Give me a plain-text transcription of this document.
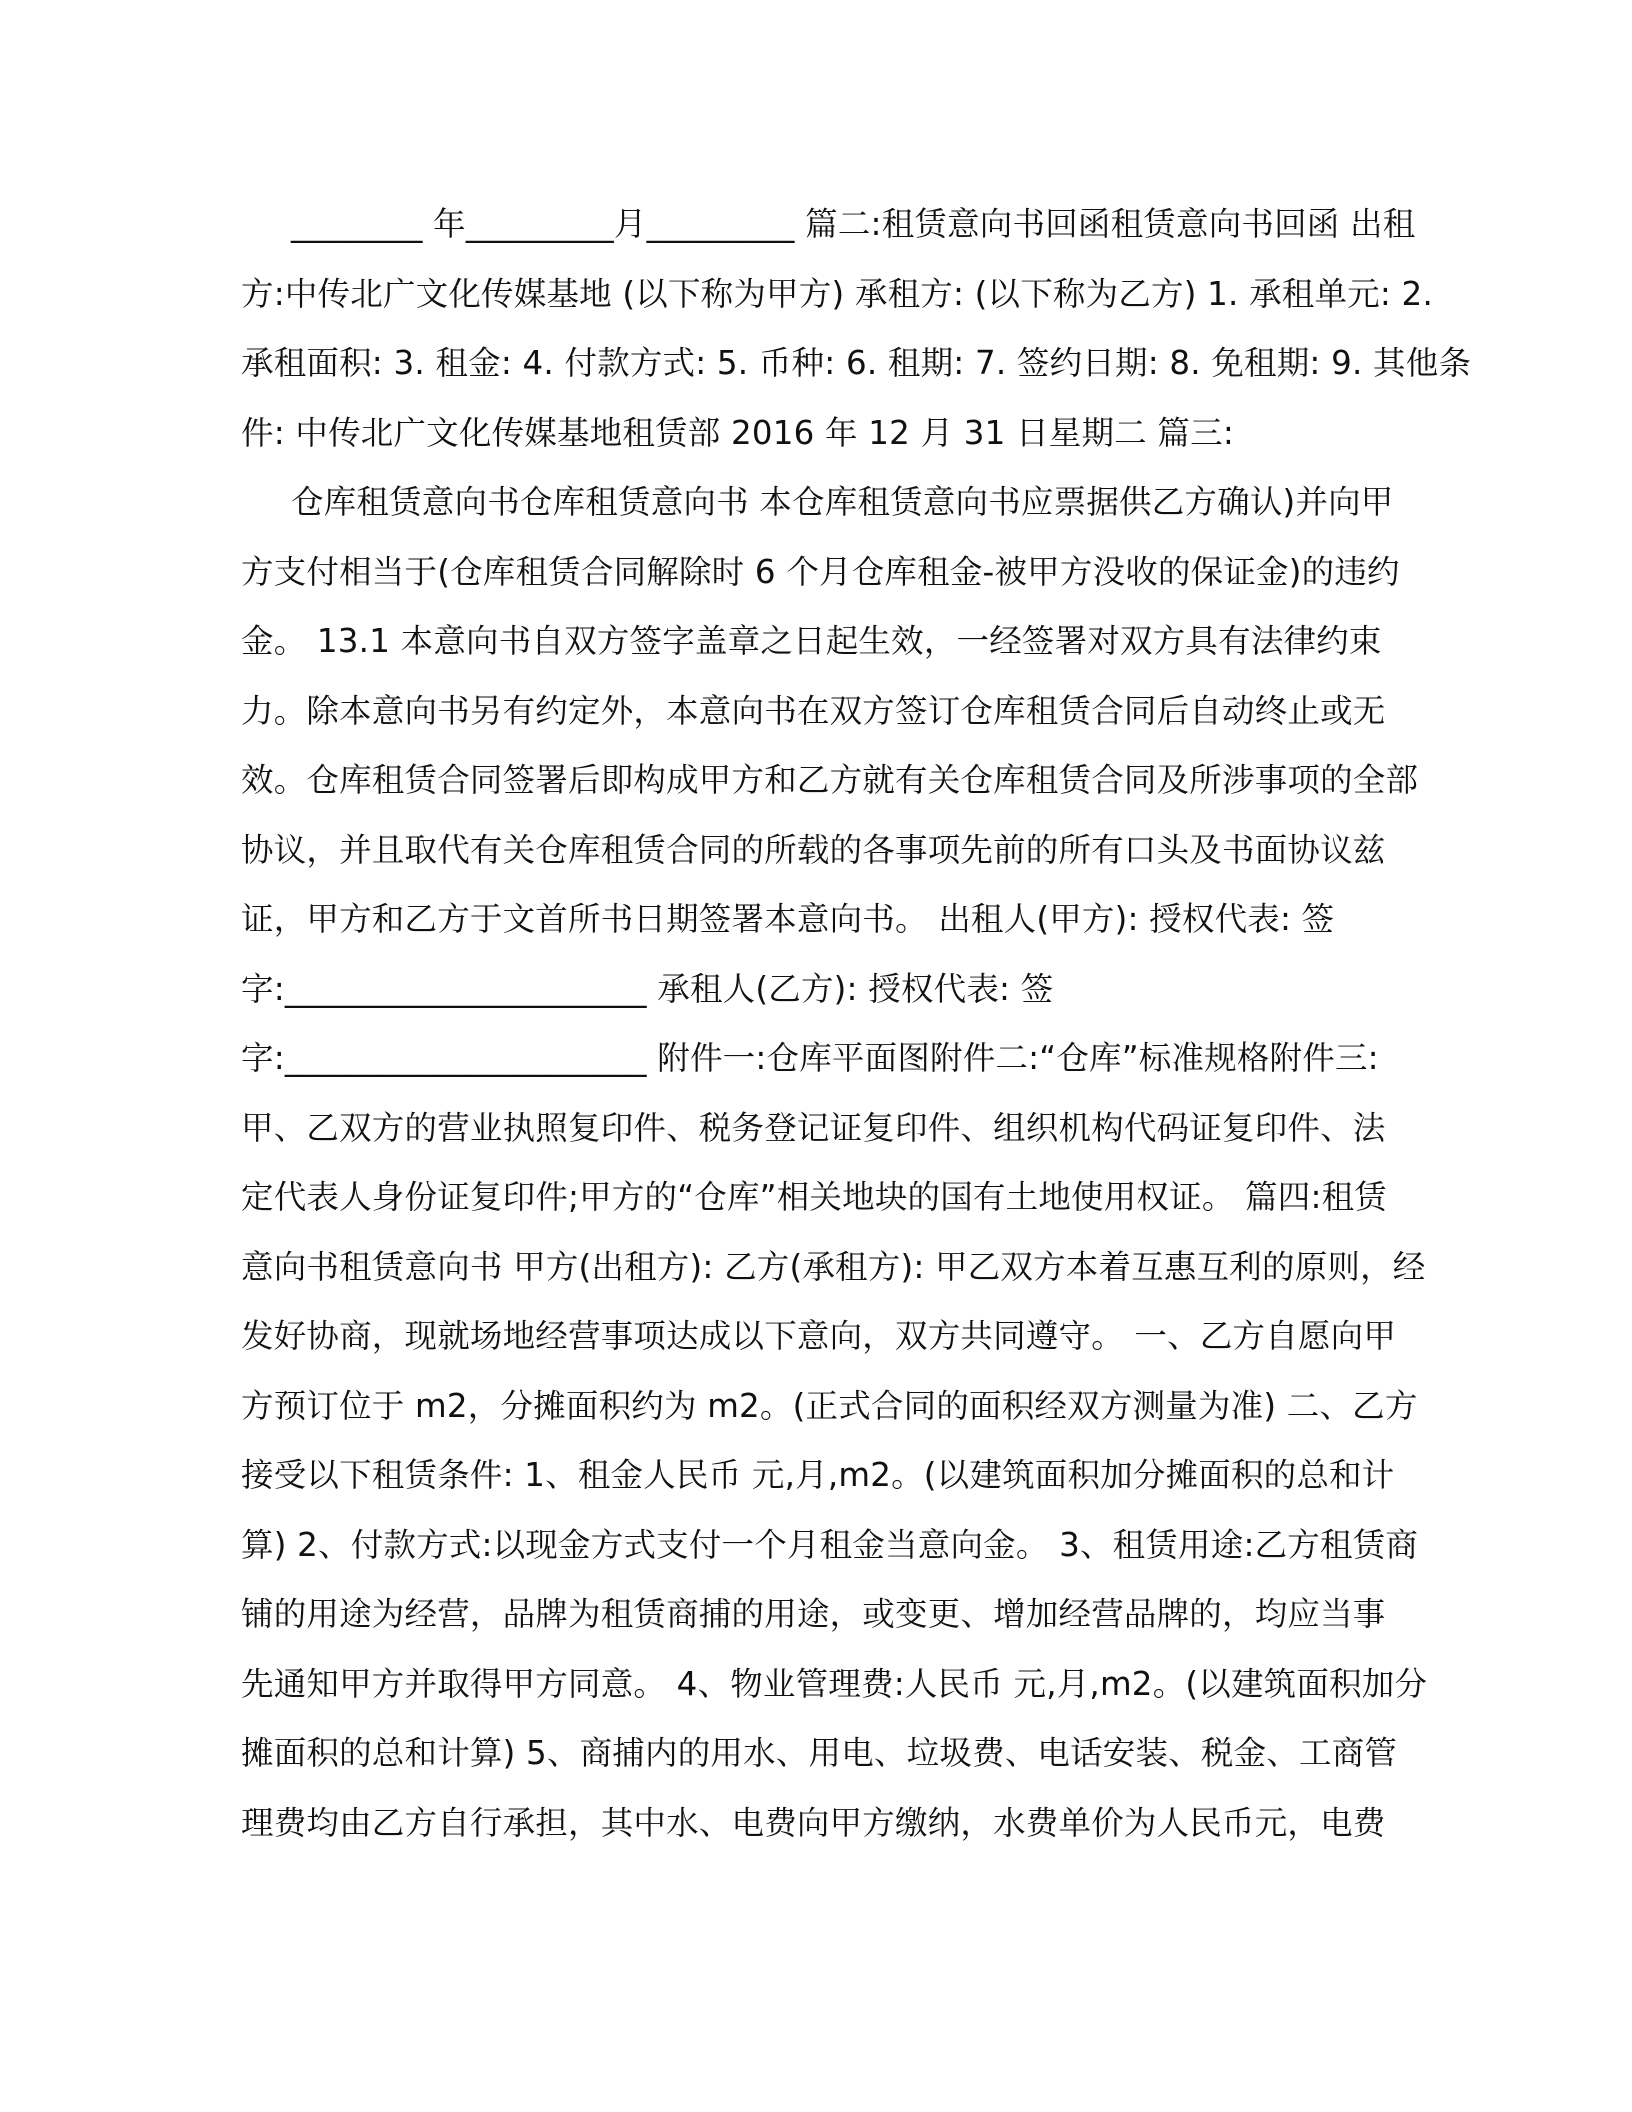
________ 年_________月_________ 篇二:租赁意向书回函租赁意向书回函 出租
方:中传北广文化传媒基地 (以下称为甲方) 承租方: (以下称为乙方) 1. 承租单元: 2.
承租面积: 3. 租金: 4. 付款方式: 5. 币种: 6. 租期: 7. 签约日期: 8. 免租期: 9. 其他条
件: 中传北广文化传媒基地租赁部 2016 年 12 月 31 日星期二 篇三:
仓库租赁意向书仓库租赁意向书 本仓库租赁意向书应票据供乙方确认)并向甲
方支付相当于(仓库租赁合同解除时 6 个月仓库租金-被甲方没收的保证金)的违约
金。 13.1 本意向书自双方签字盖章之日起生效，一经签署对双方具有法律约束
力。除本意向书另有约定外，本意向书在双方签订仓库租赁合同后自动终止或无
效。仓库租赁合同签署后即构成甲方和乙方就有关仓库租赁合同及所涉事项的全部
协议，并且取代有关仓库租赁合同的所载的各事项先前的所有口头及书面协议兹
证，甲方和乙方于文首所书日期签署本意向书。 出租人(甲方): 授权代表: 签
字:______________________ 承租人(乙方): 授权代表: 签
字:______________________ 附件一:仓库平面图附件二:“仓库”标准规格附件三:
甲、乙双方的营业执照复印件、税务登记证复印件、组织机构代码证复印件、法
定代表人身份证复印件;甲方的“仓库”相关地块的国有土地使用权证。 篇四:租赁
意向书租赁意向书 甲方(出租方): 乙方(承租方): 甲乙双方本着互惠互利的原则，经
发好协商，现就场地经营事项达成以下意向，双方共同遵守。 一、乙方自愿向甲
方预订位于 m2，分摊面积约为 m2。(正式合同的面积经双方测量为准) 二、乙方
接受以下租赁条件: 1、租金人民币 元,月,m2。(以建筑面积加分摊面积的总和计
算) 2、付款方式:以现金方式支付一个月租金当意向金。 3、租赁用途:乙方租赁商
铺的用途为经营，品牌为租赁商捕的用途，或变更、增加经营品牌的，均应当事
先通知甲方并取得甲方同意。 4、物业管理费:人民币 元,月,m2。(以建筑面积加分
摊面积的总和计算) 5、商捕内的用水、用电、垃圾费、电话安装、税金、工商管
理费均由乙方自行承担，其中水、电费向甲方缴纳，水费单价为人民币元，电费
